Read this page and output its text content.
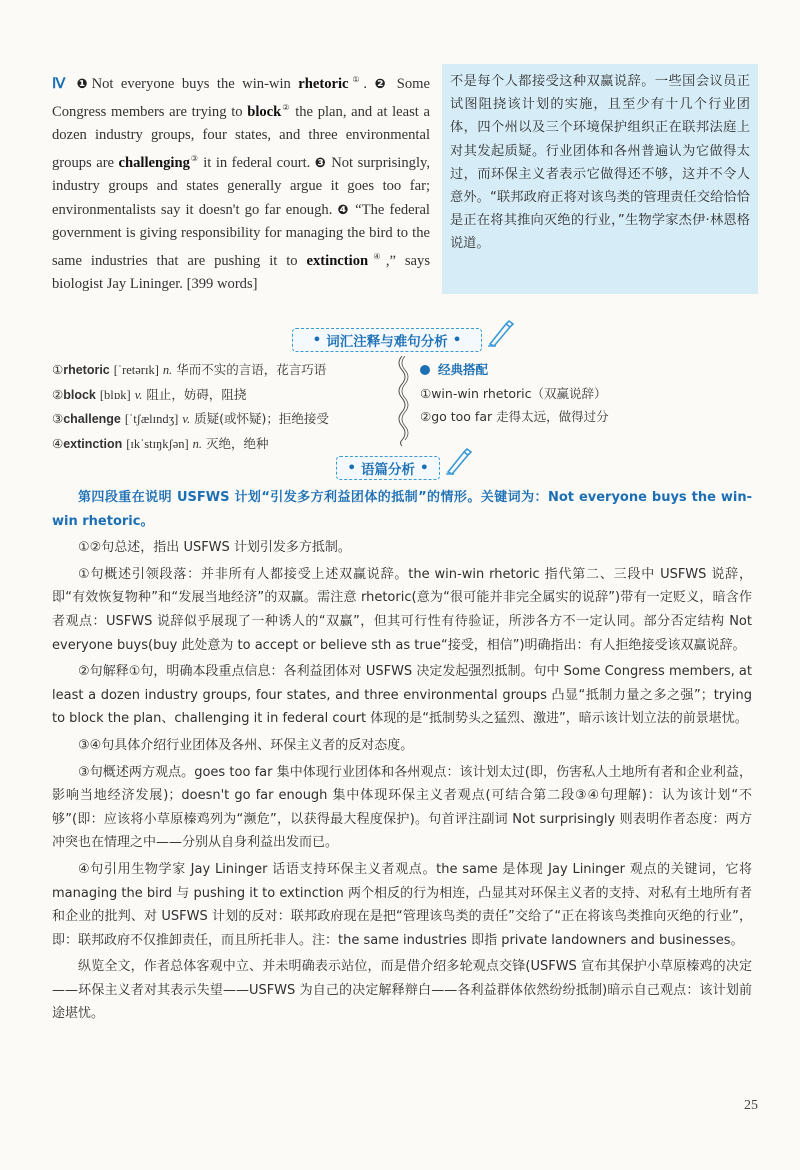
Ⅳ ❶Not everyone buys the win-win rhetoric①. ❷ Some Congress members are trying to block② the plan, and at least a dozen industry groups, four states, and three environmental groups are challenging③ it in federal court. ❸ Not surprisingly, industry groups and states generally argue it goes too far; environmentalists say it doesn't go far enough. ❹ “The federal government is giving responsibility for managing the bird to the same industries that are pushing it to extinction④,” says biologist Jay Lininger. [399 words]
不是每个人都接受这种双赢说辞。一些国会议员正试图阻挠该计划的实施，且至少有十几个行业团体，四个州以及三个环境保护组织正在联邦法庭上对其发起质疑。行业团体和各州普遍认为它做得太过，而环保主义者表示它做得还不够，这并不令人意外。“联邦政府正将对该鸟类的管理责任交给恰恰是正在将其推向灭绝的行业，”生物学家杰伊·林恩格说道。
• 词汇注释与难句分析 •
①rhetoric [ˈretərɪk] n. 华而不实的言语，花言巧语
②block [blɒk] v. 阻止，妨碍，阻挠
③challenge [ˈtʃælɪndʒ] v. 质疑(或怀疑)；拒绝接受
④extinction [ɪkˈstɪŋkʃən] n. 灭绝，绝种
经典搭配
①win-win rhetoric（双赢说辞）
②go too far 走得太远，做得过分
• 语篇分析 •

第四段重在说明 USFWS 计划“引发多方利益团体的抵制”的情形。关键词为：Not everyone buys the win-win rhetoric。

①②句总述，指出 USFWS 计划引发多方抵制。

①句概述引领段落：并非所有人都接受上述双赢说辞。the win-win rhetoric 指代第二、三段中 USFWS 说辞，即“有效恢复物种”和“发展当地经济”的双赢。需注意 rhetoric(意为“很可能并非完全属实的说辞”)带有一定贬义，暗含作者观点：USFWS 说辞似乎展现了一种诱人的“双赢”，但其可行性有待验证，所涉各方不一定认同。部分否定结构 Not everyone buys(buy 此处意为 to accept or believe sth as true“接受，相信”)明确指出：有人拒绝接受该双赢说辞。

②句解释①句，明确本段重点信息：各利益团体对 USFWS 决定发起强烈抵制。句中 Some Congress members, at least a dozen industry groups, four states, and three environmental groups 凸显“抵制力量之多之强”；trying to block the plan、challenging it in federal court 体现的是“抵制势头之猛烈、激进”，暗示该计划立法的前景堪忧。

③④句具体介绍行业团体及各州、环保主义者的反对态度。

③句概述两方观点。goes too far 集中体现行业团体和各州观点：该计划太过(即，伤害私人土地所有者和企业利益，影响当地经济发展)；doesn't go far enough 集中体现环保主义者观点(可结合第二段③④句理解)：认为该计划“不够”(即：应该将小草原榛鸡列为“濒危”，以获得最大程度保护)。句首评注副词 Not surprisingly 则表明作者态度：两方冲突也在情理之中——分别从自身利益出发而已。

④句引用生物学家 Jay Lininger 话语支持环保主义者观点。the same 是体现 Jay Lininger 观点的关键词，它将 managing the bird 与 pushing it to extinction 两个相反的行为相连，凸显其对环保主义者的支持、对私有土地所有者和企业的批判、对 USFWS 计划的反对：联邦政府现在是把“管理该鸟类的责任”交给了“正在将该鸟类推向灭绝的行业”，即：联邦政府不仅推卸责任，而且所托非人。注：the same industries 即指 private landowners and businesses。

纵览全文，作者总体客观中立、并未明确表示站位，而是借介绍多轮观点交锋(USFWS 宣布其保护小草原榛鸡的决定——环保主义者对其表示失望——USFWS 为自己的决定解释辩白——各利益群体依然纷纷抵制)暗示自己观点：该计划前途堪忧。

25
